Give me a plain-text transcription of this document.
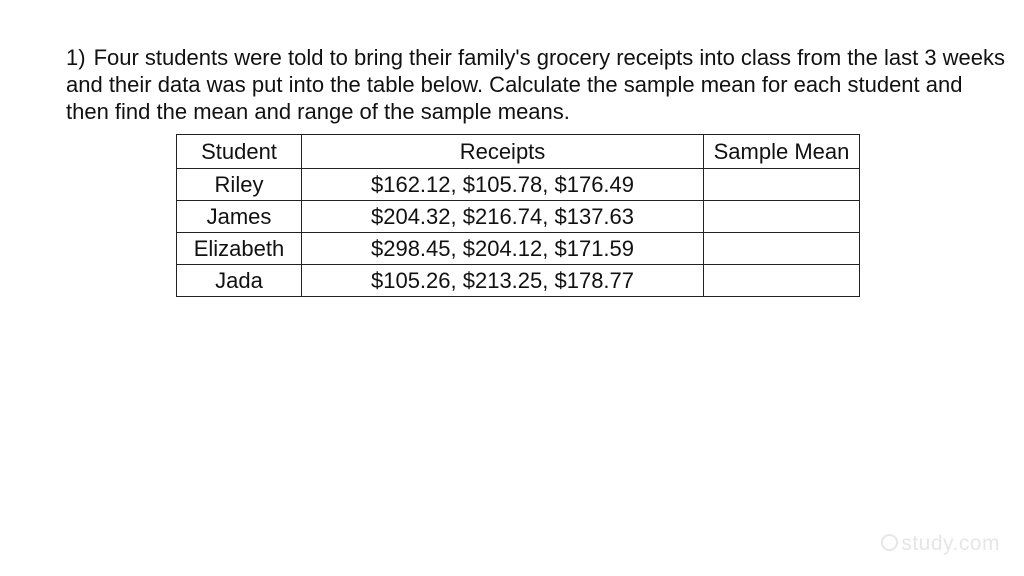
1) Four students were told to bring their family's grocery receipts into class from the last 3 weeks and their data was put into the table below. Calculate the sample mean for each student and then find the mean and range of the sample means.

Student	Receipts	Sample Mean
Riley	$162.12, $105.78, $176.49	
James	$204.32, $216.74, $137.63	
Elizabeth	$298.45, $204.12, $171.59	
Jada	$105.26, $213.25, $178.77	
study.com
